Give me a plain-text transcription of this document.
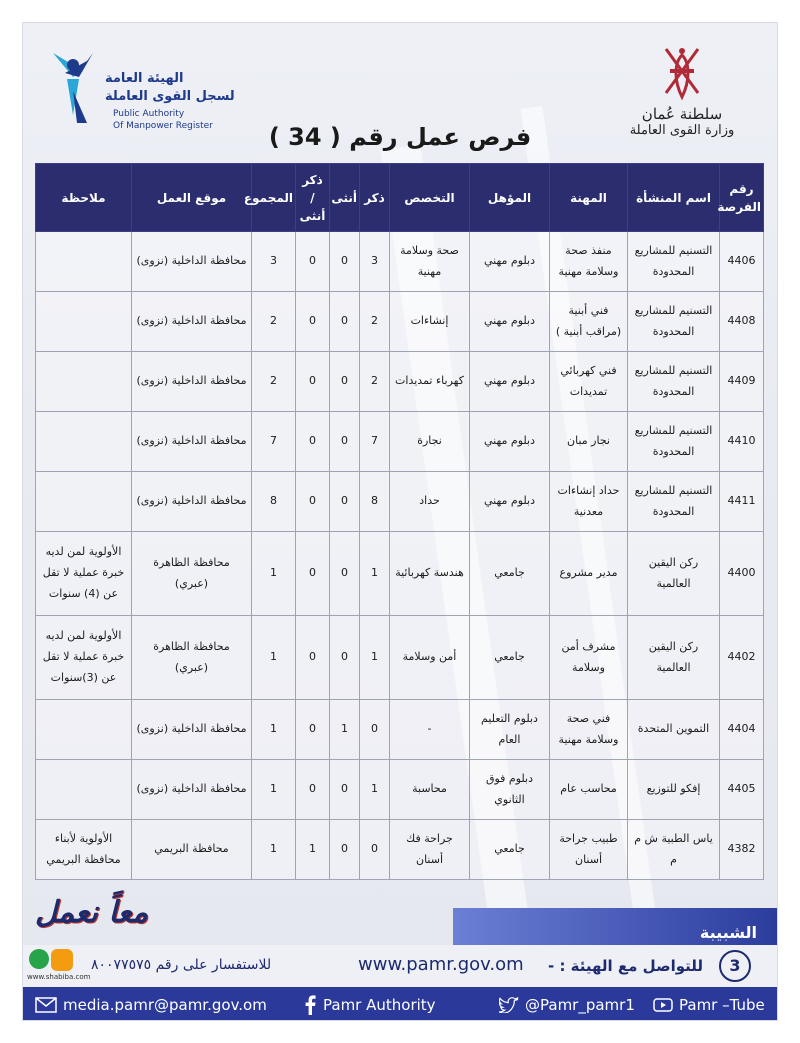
الهيئة العامة
لسجل القوى العاملة
Public Authority
Of Manpower Register
سلطنة عُمان
وزارة القوى العاملة
فرص عمل رقم ( 34 )
رقم الفرصة	اسم المنشأة	المهنة	المؤهل	التخصص	ذكر	أنثى	ذكر / أنثى	المجموع	موقع العمل	ملاحظة
4406	التسنيم للمشاريع المحدودة	منفذ صحة وسلامة مهنية	دبلوم مهني	صحة وسلامة مهنية	3	0	0	3	محافظة الداخلية (نزوى)	
4408	التسنيم للمشاريع المحدودة	فني أبنية (مراقب أبنية )	دبلوم مهني	إنشاءات	2	0	0	2	محافظة الداخلية (نزوى)	
4409	التسنيم للمشاريع المحدودة	فني كهربائي تمديدات	دبلوم مهني	كهرباء تمديدات	2	0	0	2	محافظة الداخلية (نزوى)	
4410	التسنيم للمشاريع المحدودة	نجار مبان	دبلوم مهني	نجارة	7	0	0	7	محافظة الداخلية (نزوى)	
4411	التسنيم للمشاريع المحدودة	حداد إنشاءات معدنية	دبلوم مهني	حداد	8	0	0	8	محافظة الداخلية (نزوى)	
4400	ركن اليقين العالمية	مدير مشروع	جامعي	هندسة كهربائية	1	0	0	1	محافظة الظاهرة (عبري)	الأولوية لمن لديه خبرة عملية لا تقل عن (4) سنوات
4402	ركن اليقين العالمية	مشرف أمن وسلامة	جامعي	أمن وسلامة	1	0	0	1	محافظة الظاهرة (عبري)	الأولوية لمن لديه خبرة عملية لا تقل عن (3)سنوات
4404	التموين المتحدة	فني صحة وسلامة مهنية	دبلوم التعليم العام	-	0	1	0	1	محافظة الداخلية (نزوى)	
4405	إفكو للتوزيع	محاسب عام	دبلوم فوق الثانوي	محاسبة	1	0	0	1	محافظة الداخلية (نزوى)	
4382	ياس الطبية ش م م	طبيب جراحة أسنان	جامعي	جراحة فك أسنان	0	0	1	1	محافظة البريمي	الأولوية لأبناء محافظة البريمي
معاً نعمل
الشبيبة
3
للتواصل مع الهيئة : -
www.pamr.gov.om
للاستفسار على رقم ٨٠٠٧٧٥٧٥
www.shabiba.com
media.pamr@pamr.gov.om	Pamr Authority	@Pamr_pamr1	Pamr –Tube
